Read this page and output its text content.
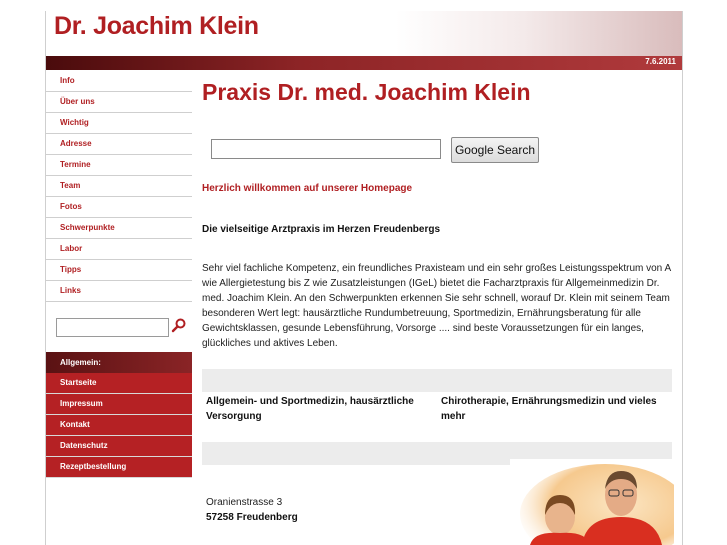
Dr. Joachim Klein
7.6.2011
Info
Über uns
Wichtig
Adresse
Termine
Team
Fotos
Schwerpunkte
Labor
Tipps
Links
Allgemein:
Startseite
Impressum
Kontakt
Datenschutz
Rezeptbestellung
Praxis Dr. med. Joachim Klein
Google Search
Herzlich willkommen auf unserer Homepage
Die vielseitige Arztpraxis im Herzen Freudenbergs

Sehr viel fachliche Kompetenz, ein freundliches Praxisteam und ein sehr großes Leistungsspektrum von A wie Allergietestung bis Z wie Zusatzleistungen (IGeL) bietet die Facharztpraxis für Allgemeinmedizin Dr. med. Joachim Klein. An den Schwerpunkten erkennen Sie sehr schnell, worauf Dr. Klein mit seinem Team besonderen Wert legt: hausärztliche Rundumbetreuung, Sportmedizin, Ernährungsberatung für alle Gewichtsklassen, gesunde Lebensführung, Vorsorge .... sind beste Voraussetzungen für ein langes, glückliches und aktives Leben.

Allgemein- und Sportmedizin, hausärztliche Versorgung
Chirotherapie, Ernährungsmedizin und vieles mehr
Oranienstrasse 3
57258 Freudenberg
